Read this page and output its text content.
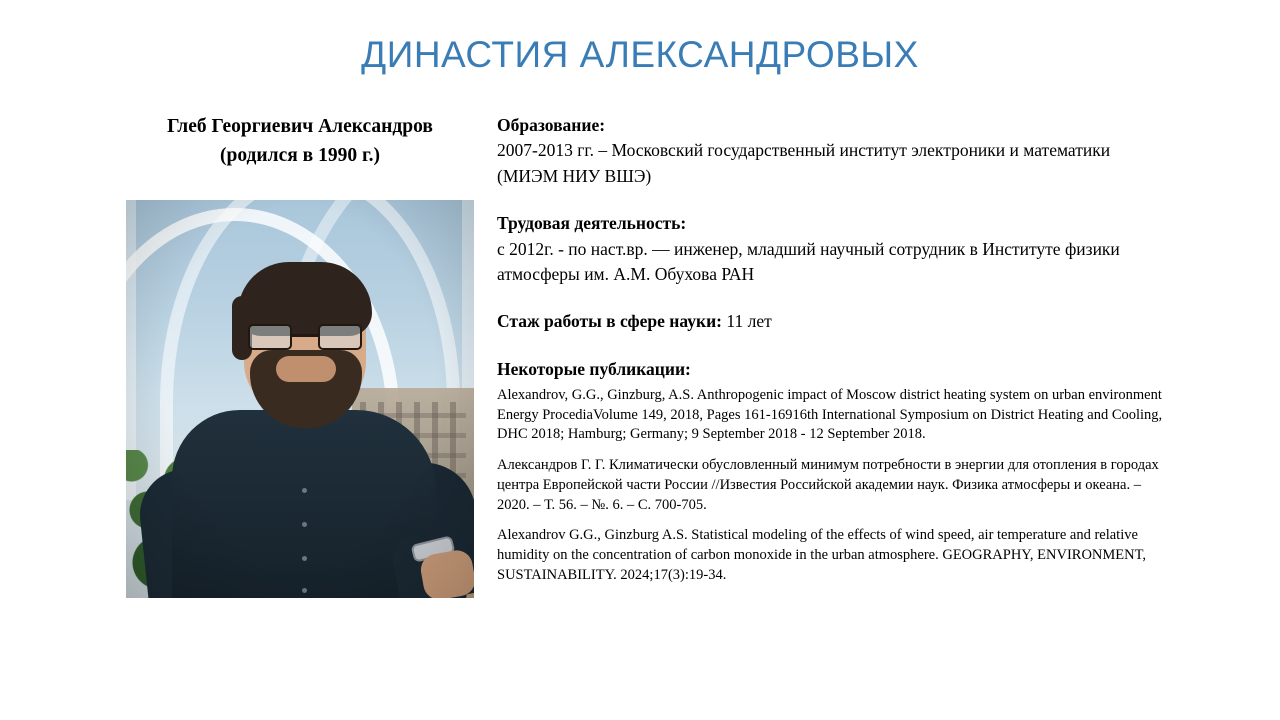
ДИНАСТИЯ АЛЕКСАНДРОВЫХ
Глеб Георгиевич Александров
(родился в 1990 г.)
Образование:
2007-2013 гг. – Московский государственный институт электроники и математики (МИЭМ НИУ ВШЭ)
Трудовая деятельность:
с 2012г. - по наст.вр. — инженер, младший научный сотрудник в Институте физики атмосферы им. А.М. Обухова РАН
Стаж работы в сфере науки: 11 лет
Некоторые публикации:
Alexandrov, G.G., Ginzburg, A.S. Anthropogenic impact of Moscow district heating system on urban environment Energy ProcediaVolume 149, 2018, Pages 161-16916th International Symposium on District Heating and Cooling, DHC 2018; Hamburg; Germany; 9 September 2018 - 12 September 2018.
Александров Г. Г. Климатически обусловленный минимум потребности в энергии для отопления в городах центра Европейской части России //Известия Российской академии наук. Физика атмосферы и океана. – 2020. – Т. 56. – №. 6. – С. 700-705.
Alexandrov G.G., Ginzburg A.S. Statistical modeling of the effects of wind speed, air temperature and relative humidity on the concentration of carbon monoxide in the urban atmosphere. GEOGRAPHY, ENVIRONMENT, SUSTAINABILITY. 2024;17(3):19-34.
